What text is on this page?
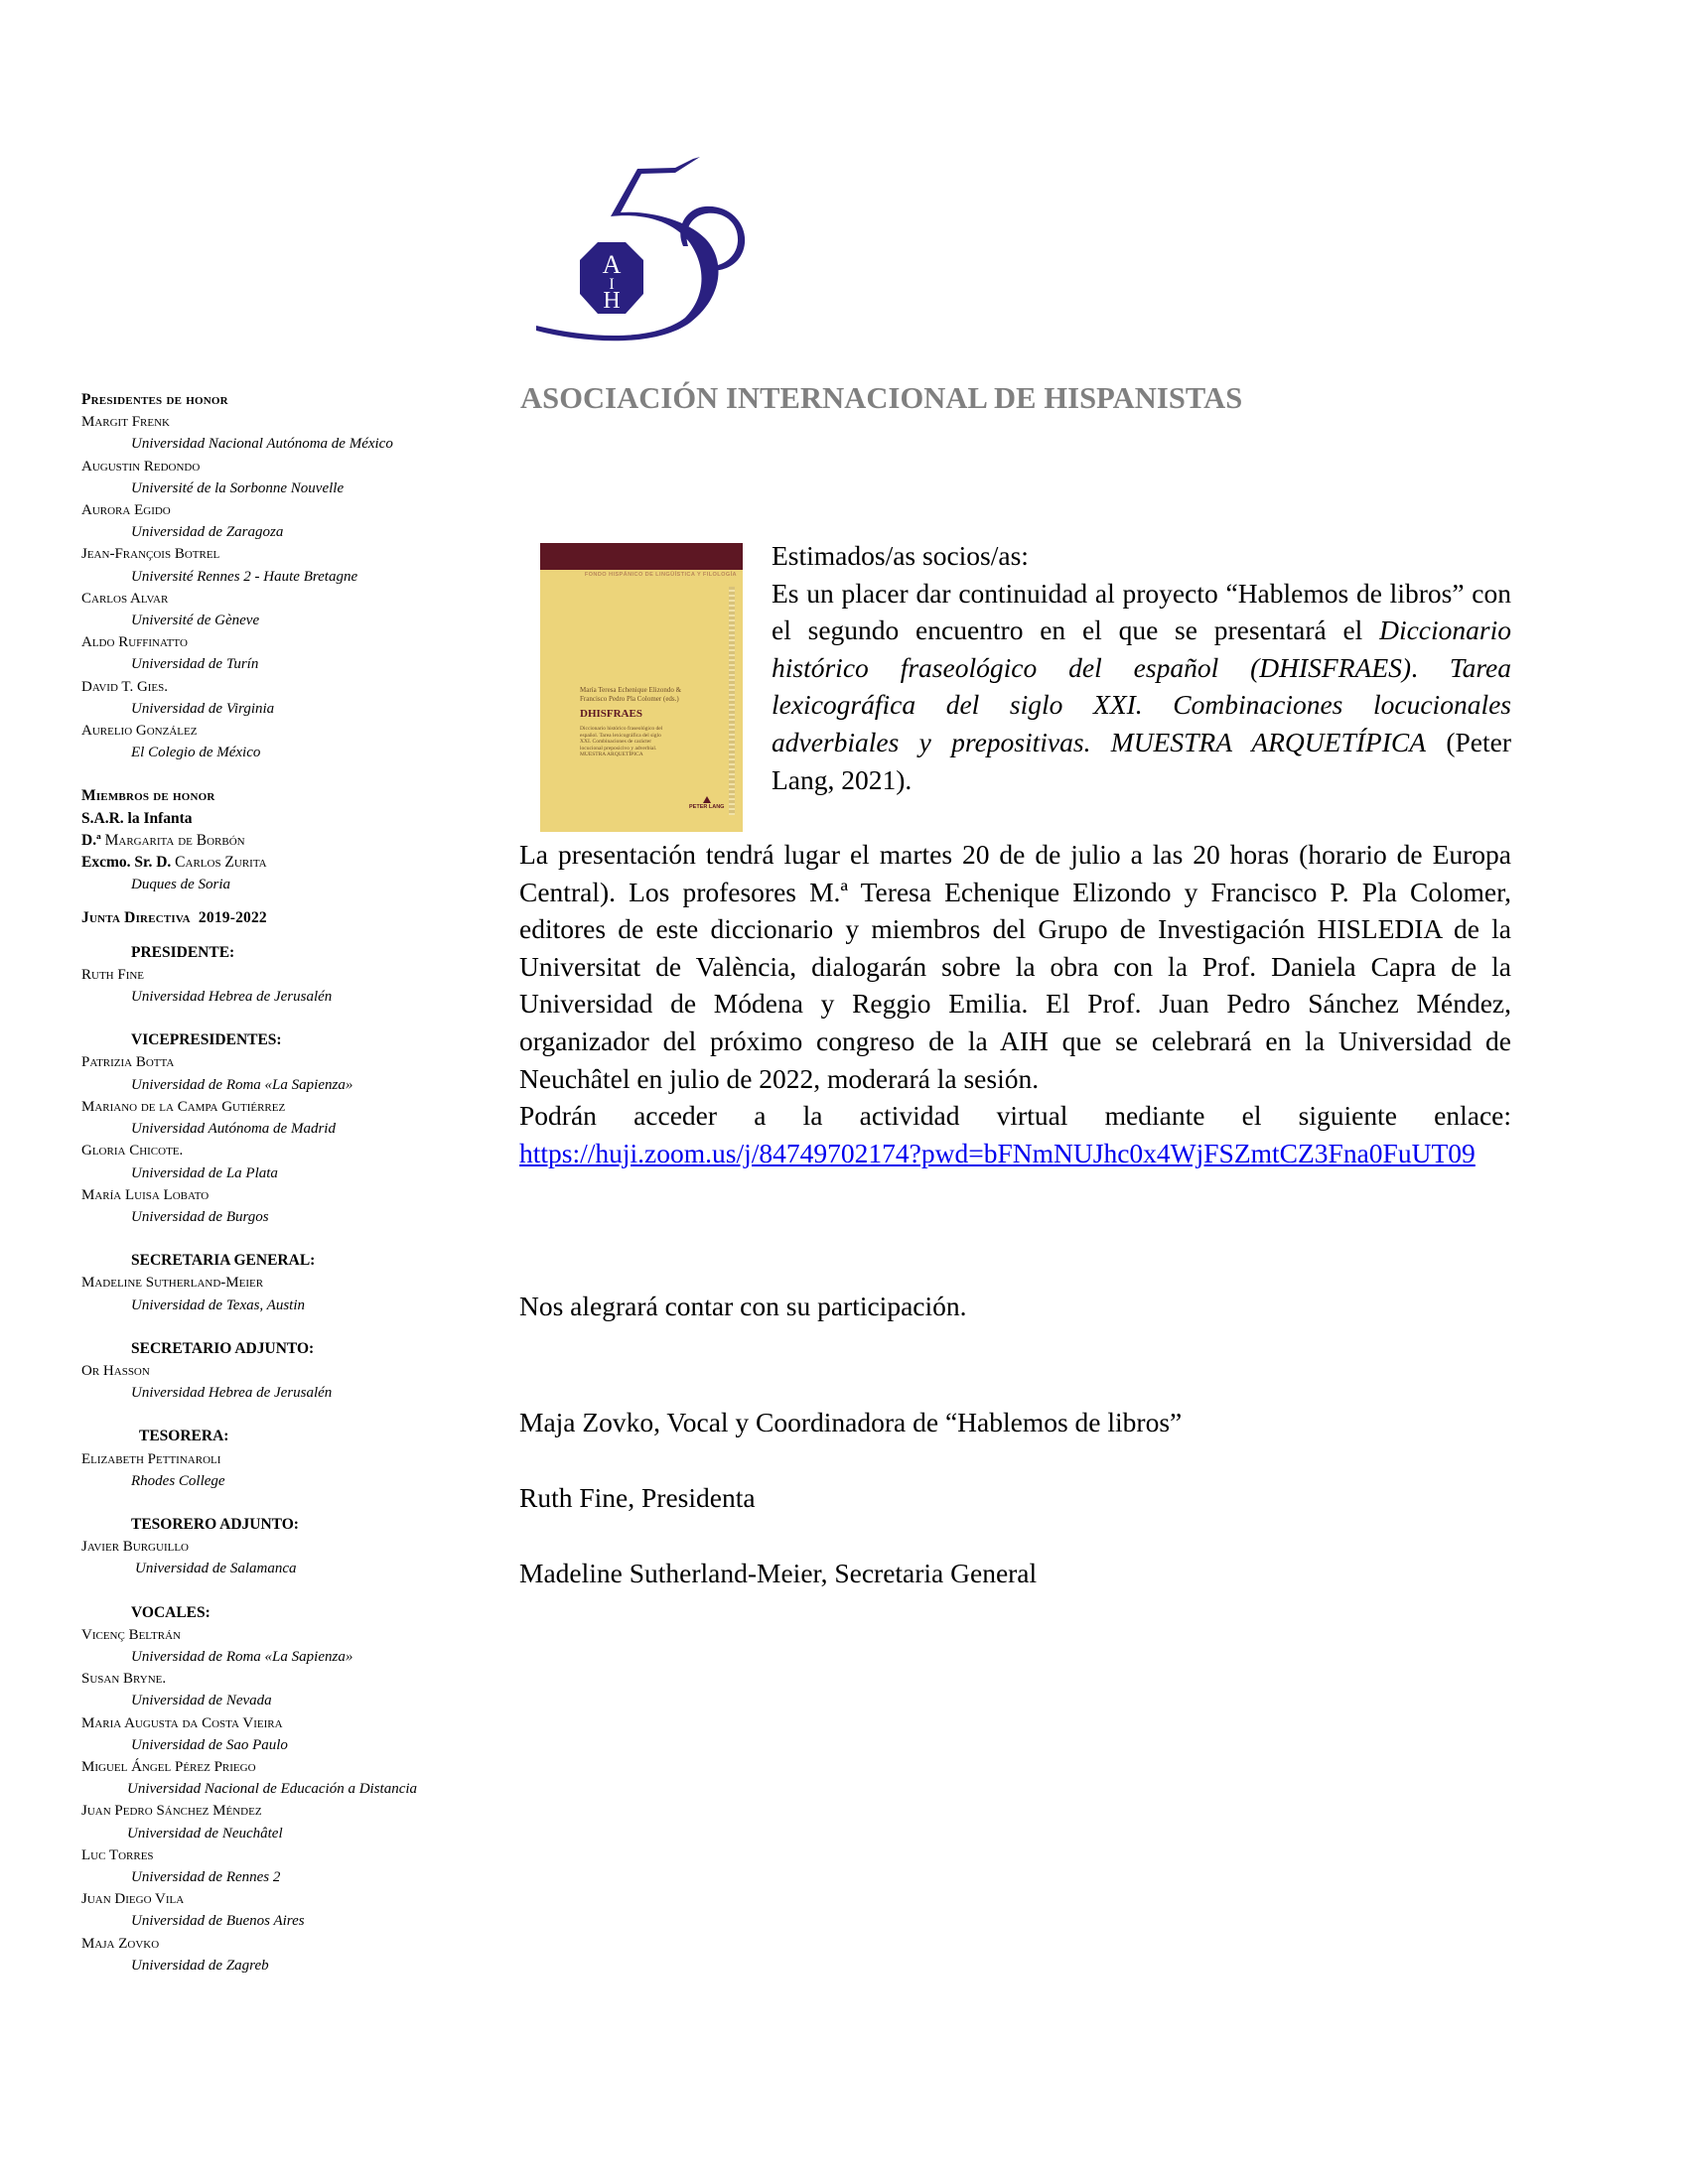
A
I
H
ASOCIACIÓN INTERNACIONAL DE HISPANISTAS
Presidentes de honor
Margit Frenk
Universidad Nacional Autónoma de México
Augustin Redondo
Université de la Sorbonne Nouvelle
Aurora Egido
Universidad de Zaragoza
Jean-François Botrel
Université Rennes 2 - Haute Bretagne
Carlos Alvar
Université de Gèneve
Aldo Ruffinatto
Universidad de Turín
David T. Gies.
Universidad de Virginia
Aurelio González
El Colegio de México
Miembros de honor
S.A.R. la Infanta
D.ª Margarita de Borbón
Excmo. Sr. D. Carlos Zurita
Duques de Soria
Junta Directiva 2019-2022
PRESIDENTE:
Ruth Fine
Universidad Hebrea de Jerusalén
VICEPRESIDENTES:
Patrizia Botta
Universidad de Roma «La Sapienza»
Mariano de la Campa Gutiérrez
Universidad Autónoma de Madrid
Gloria Chicote.
Universidad de La Plata
María Luisa Lobato
Universidad de Burgos
SECRETARIA GENERAL:
Madeline Sutherland-Meier
Universidad de Texas, Austin
SECRETARIO ADJUNTO:
Or Hasson
Universidad Hebrea de Jerusalén
TESORERA:
Elizabeth Pettinaroli
Rhodes College
TESORERO ADJUNTO:
Javier Burguillo
Universidad de Salamanca
VOCALES:
Vicenç Beltrán
Universidad de Roma «La Sapienza»
Susan Bryne.
Universidad de Nevada
Maria Augusta da Costa Vieira
Universidad de Sao Paulo
Miguel Ángel Pérez Priego
Universidad Nacional de Educación a Distancia
Juan Pedro Sánchez Méndez
Universidad de Neuchâtel
Luc Torres
Universidad de Rennes 2
Juan Diego Vila
Universidad de Buenos Aires
Maja Zovko
Universidad de Zagreb
FONDO HISPÁNICO DE LINGÜÍSTICA Y FILOLOGÍA
María Teresa Echenique Elizondo & Francisco Pedro Pla Colomer (eds.)
DHISFRAES
Diccionario histórico fraseológico del español. Tarea lexicográfica del siglo XXI. Combinaciones de carácter locucional preposicivo y adverbial. MUESTRA ARQUETÍPICA
PETER LANG
Estimados/as socios/as:
Es un placer dar continuidad al proyecto “Hablemos de libros” con el segundo encuentro en el que se presentará el Diccionario histórico fraseológico del español (DHISFRAES). Tarea lexicográfica del siglo XXI. Combinaciones locucionales adverbiales y prepositivas. MUESTRA ARQUETÍPICA (Peter Lang, 2021).
La presentación tendrá lugar el martes 20 de de julio a las 20 horas (horario de Europa Central). Los profesores M.ª Teresa Echenique Elizondo y Francisco P. Pla Colomer, editores de este diccionario y miembros del Grupo de Investigación HISLEDIA de la Universitat de València, dialogarán sobre la obra con la Prof. Daniela Capra de la Universidad de Módena y Reggio Emilia. El Prof. Juan Pedro Sánchez Méndez, organizador del próximo congreso de la AIH que se celebrará en la Universidad de Neuchâtel en julio de 2022, moderará la sesión.
Podrán acceder a la actividad virtual mediante el siguiente enlace:
https://huji.zoom.us/j/84749702174?pwd=bFNmNUJhc0x4WjFSZmtCZ3Fna0FuUT09
Nos alegrará contar con su participación.
Maja Zovko, Vocal y Coordinadora de “Hablemos de libros”
Ruth Fine, Presidenta
Madeline Sutherland-Meier, Secretaria General
